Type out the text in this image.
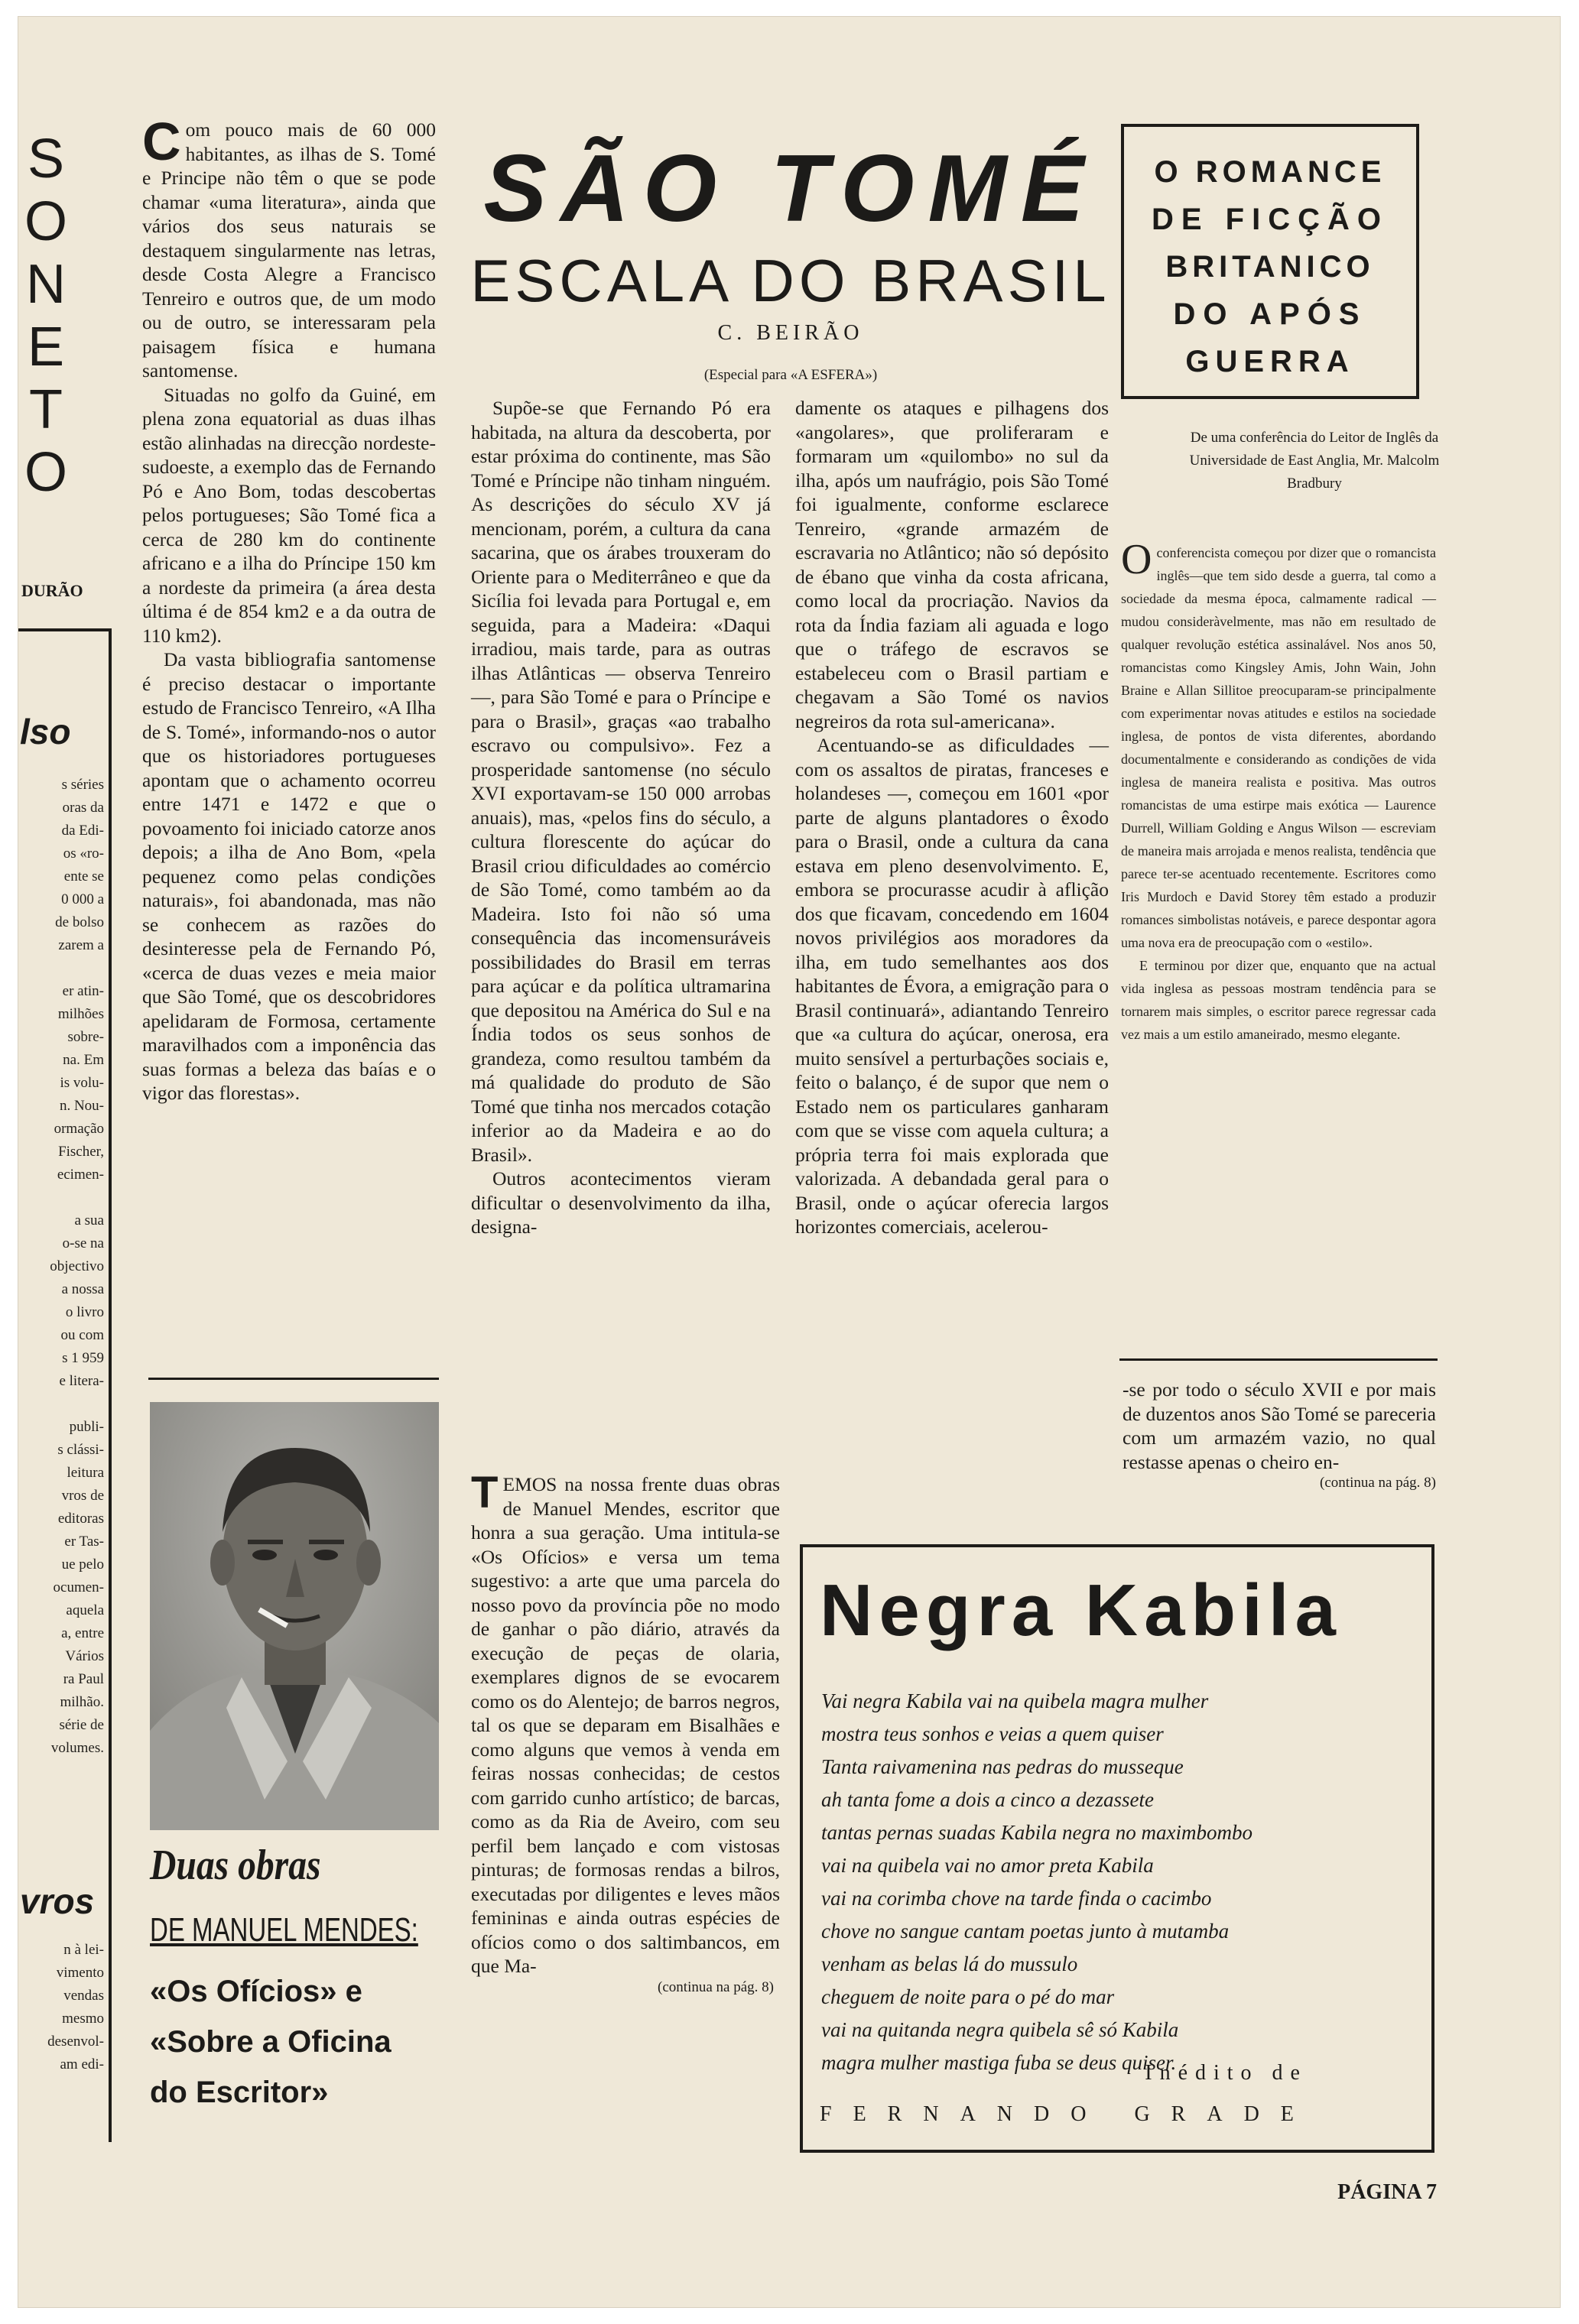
S
O
N
E
T
O
DURÃO
lso
s séries
oras da
da Edi-
os «ro-
ente se
0 000 a
de bolso
zarem a
er atin-
milhões
sobre-
na. Em
is volu-
n. Nou-
ormação
Fischer,
ecimen-
a sua
o-se na
objectivo
a nossa
o livro
ou com
s 1 959
e litera-
publi-
s clássi-
leitura
vros de
editoras
er Tas-
ue pelo
ocumen-
aquela
a, entre
Vários
ra Paul
milhão.
série de
volumes.
vros
n à lei-
vimento
vendas
mesmo
desenvol-
am edi-

Com pouco mais de 60 000 habitantes, as ilhas de S. Tomé e Principe não têm o que se pode chamar «uma literatura», ainda que vários dos seus naturais se destaquem singularmente nas letras, desde Costa Alegre a Francisco Tenreiro e outros que, de um modo ou de outro, se interessaram pela paisagem física e humana santomense.

Situadas no golfo da Guiné, em plena zona equatorial as duas ilhas estão alinhadas na direcção nordeste-sudoeste, a exemplo das de Fernando Pó e Ano Bom, todas descobertas pelos portugueses; São Tomé fica a cerca de 280 km do continente africano e a ilha do Príncipe 150 km a nordeste da primeira (a área desta última é de 854 km2 e a da outra de 110 km2).

Da vasta bibliografia santomense é preciso destacar o importante estudo de Francisco Tenreiro, «A Ilha de S. Tomé», informando-nos o autor que os historiadores portugueses apontam que o achamento ocorreu entre 1471 e 1472 e que o povoamento foi iniciado catorze anos depois; a ilha de Ano Bom, «pela pequenez como pelas condições naturais», foi abandonada, mas não se conhecem as razões do desinteresse pela de Fernando Pó, «cerca de duas vezes e meia maior que São Tomé, que os descobridores apelidaram de Formosa, certamente maravilhados com a imponência das suas formas a beleza das baías e o vigor das florestas».

Duas obras
DE MANUEL MENDES:
«Os Ofícios» e
«Sobre a Oficina
do Escritor»
SÃO TOMÉ
ESCALA DO BRASIL
C. BEIRÃO
(Especial para «A ESFERA»)

Supõe-se que Fernando Pó era habitada, na altura da descoberta, por estar próxima do continente, mas São Tomé e Príncipe não tinham ninguém. As descrições do século XV já mencionam, porém, a cultura da cana sacarina, que os árabes trouxeram do Oriente para o Mediterrâneo e que da Sicília foi levada para Portugal e, em seguida, para a Madeira: «Daqui irradiou, mais tarde, para as outras ilhas Atlânticas — observa Tenreiro —, para São Tomé e para o Príncipe e para o Brasil», graças «ao trabalho escravo ou compulsivo». Fez a prosperidade santomense (no século XVI exportavam-se 150 000 arrobas anuais), mas, «pelos fins do século, a cultura florescente do açúcar do Brasil criou dificuldades ao comércio de São Tomé, como também ao da Madeira. Isto foi não só uma consequência das incomensuráveis possibilidades do Brasil em terras para açúcar e da política ultramarina que depositou na América do Sul e na Índia todos os seus sonhos de grandeza, como resultou também da má qualidade do produto de São Tomé que tinha nos mercados cotação inferior ao da Madeira e ao do Brasil».

Outros acontecimentos vieram dificultar o desenvolvimento da ilha, designa-

damente os ataques e pilhagens dos «angolares», que proliferaram e formaram um «quilombo» no sul da ilha, após um naufrágio, pois São Tomé foi igualmente, conforme esclarece Tenreiro, «grande armazém de escravaria no Atlântico; não só depósito de ébano que vinha da costa africana, como local da procriação. Navios da rota da Índia faziam ali aguada e logo que o tráfego de escravos se estabeleceu com o Brasil partiam e chegavam a São Tomé os navios negreiros da rota sul-americana».

Acentuando-se as dificuldades — com os assaltos de piratas, franceses e holandeses —, começou em 1601 «por parte de alguns plantadores o êxodo para o Brasil, onde a cultura da cana estava em pleno desenvolvimento. E, embora se procurasse acudir à aflição dos que ficavam, concedendo em 1604 novos privilégios aos moradores da ilha, em tudo semelhantes aos dos habitantes de Évora, a emigração para o Brasil continuará», adiantando Tenreiro que «a cultura do açúcar, onerosa, era muito sensível a perturbações sociais e, feito o balanço, é de supor que nem o Estado nem os particulares ganharam com que se visse com aquela cultura; a própria terra foi mais explorada que valorizada. A debandada geral para o Brasil, onde o açúcar oferecia largos horizontes comerciais, acelerou-

O ROMANCE
DE FICÇÃO
BRITANICO
DO APÓS
GUERRA
De uma conferência do Leitor de Inglês da Universidade de East Anglia, Mr. Malcolm Bradbury

Oconferencista começou por dizer que o romancista inglês—que tem sido desde a guerra, tal como a sociedade da mesma época, calmamente radical — mudou consideràvelmente, mas não em resultado de qualquer revolução estética assinalável. Nos anos 50, romancistas como Kingsley Amis, John Wain, John Braine e Allan Sillitoe preocuparam-se principalmente com experimentar novas atitudes e estilos na sociedade inglesa, de pontos de vista diferentes, abordando documentalmente e considerando as condições de vida inglesa de maneira realista e positiva. Mas outros romancistas de uma estirpe mais exótica — Laurence Durrell, William Golding e Angus Wilson — escreviam de maneira mais arrojada e menos realista, tendência que parece ter-se acentuado recentemente. Escritores como Iris Murdoch e David Storey têm estado a produzir romances simbolistas notáveis, e parece despontar agora uma nova era de preocupação com o «estilo».

E terminou por dizer que, enquanto que na actual vida inglesa as pessoas mostram tendência para se tornarem mais simples, o escritor parece regressar cada vez mais a um estilo amaneirado, mesmo elegante.

-se por todo o século XVII e por mais de duzentos anos São Tomé se pareceria com um armazém vazio, no qual restasse apenas o cheiro en-

(continua na pág. 8)

TEMOS na nossa frente duas obras de Manuel Mendes, escritor que honra a sua geração. Uma intitula-se «Os Ofícios» e versa um tema sugestivo: a arte que uma parcela do nosso povo da província põe no modo de ganhar o pão diário, através da execução de peças de olaria, exemplares dignos de se evocarem como os do Alentejo; de barros negros, tal os que se deparam em Bisalhães e como alguns que vemos à venda em feiras nossas conhecidas; de cestos com garrido cunho artístico; de barcas, como as da Ria de Aveiro, com seu perfil bem lançado e com vistosas pinturas; de formosas rendas a bilros, executadas por diligentes e leves mãos femininas e ainda outras espécies de ofícios como o dos saltimbancos, em que Ma-

(continua na pág. 8)

Negra Kabila
Vai negra Kabila vai na quibela magra mulher
mostra teus sonhos e veias a quem quiser
Tanta raivamenina nas pedras do musseque
ah tanta fome a dois a cinco a dezassete
tantas pernas suadas Kabila negra no maximbombo
vai na quibela vai no amor preta Kabila
vai na corimba chove na tarde finda o cacimbo
chove no sangue cantam poetas junto à mutamba
venham as belas lá do mussulo
cheguem de noite para o pé do mar
vai na quitanda negra quibela sê só Kabila
magra mulher mastiga fuba se deus quiser.
Inédito de
FERNANDO GRADE
PÁGINA 7
